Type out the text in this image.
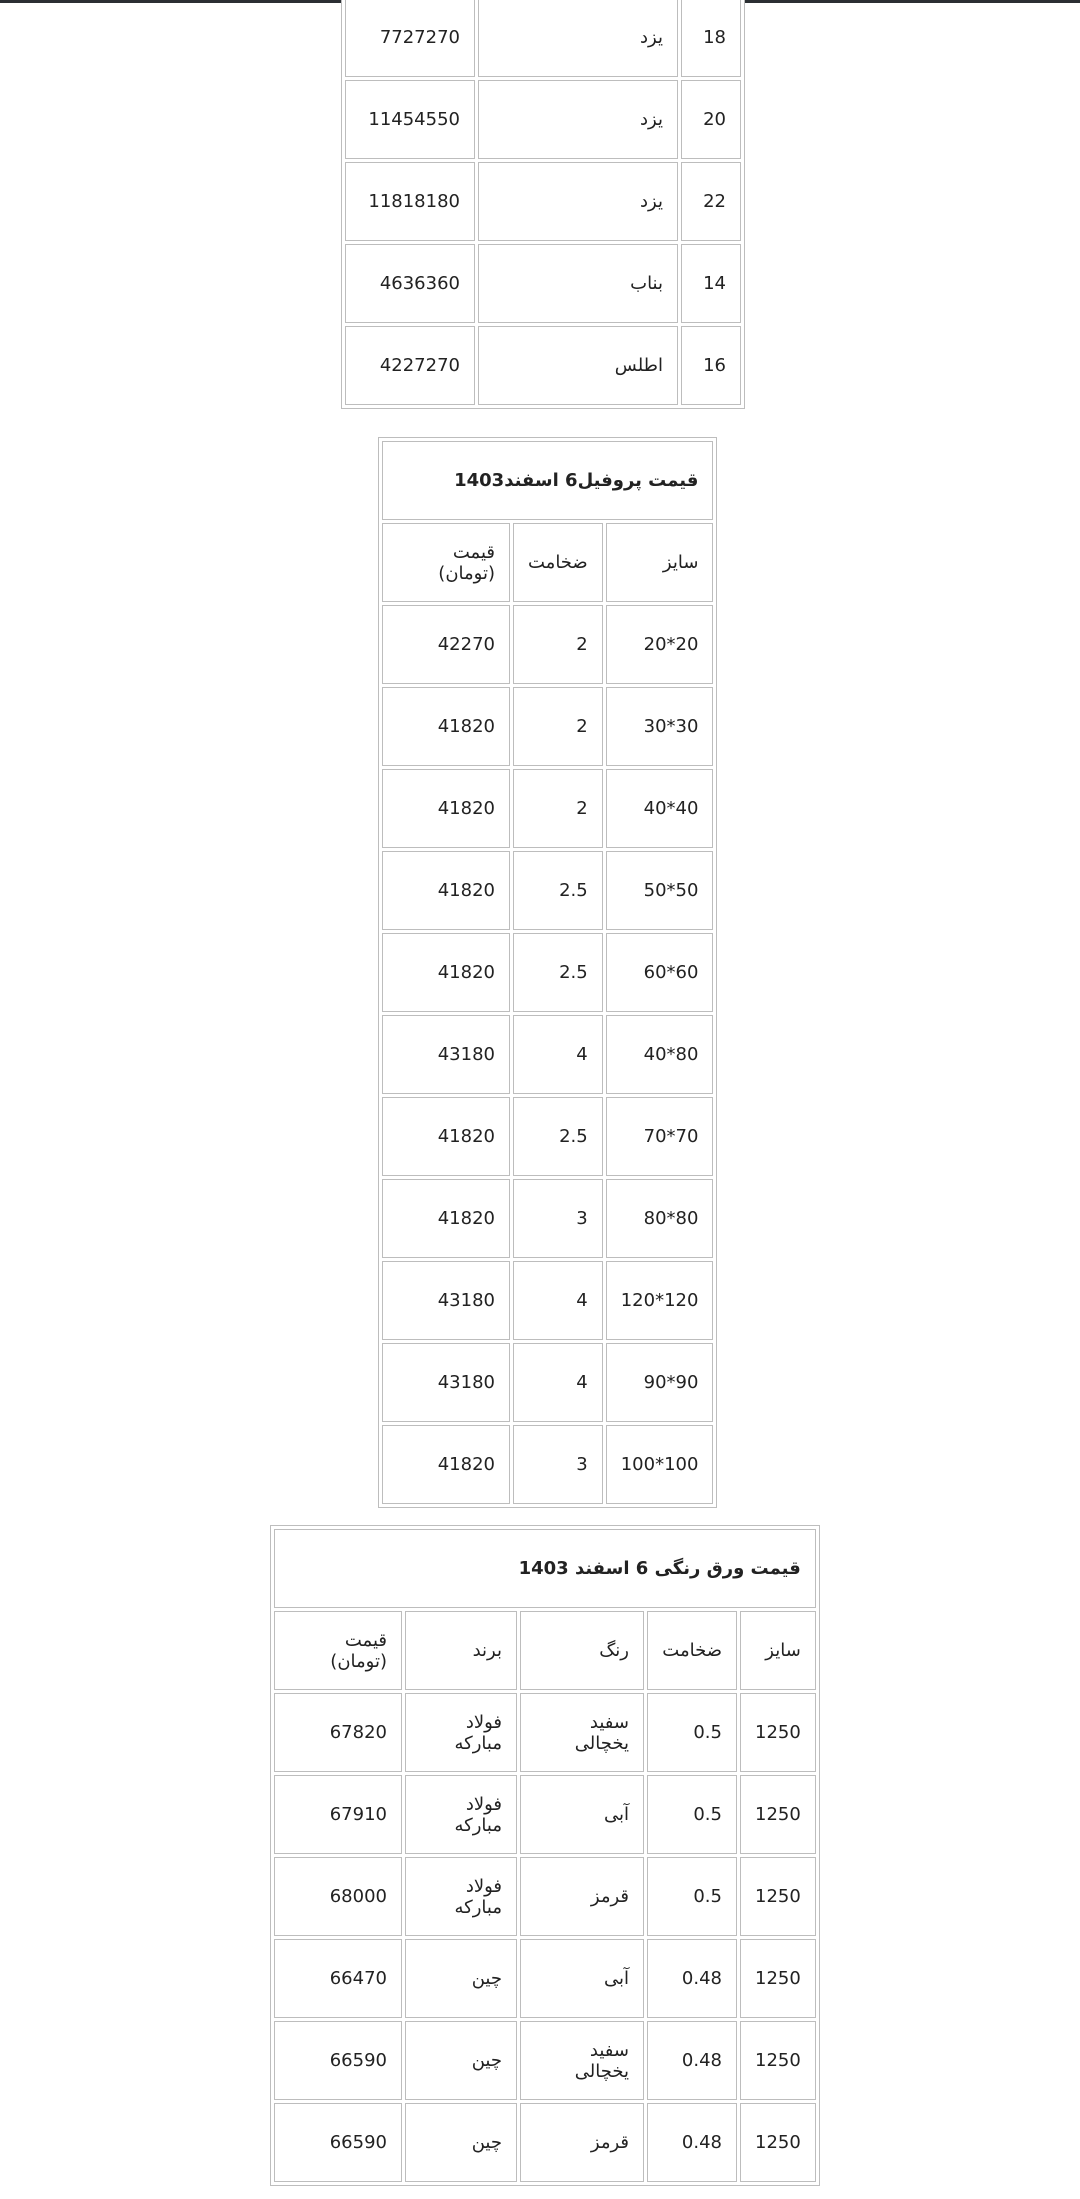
18	یزد	7727270
20	یزد	11454550
22	یزد	11818180
14	بناب	4636360
16	اطلس	4227270
قیمت پروفیل6 اسفند1403		
سایز	ضخامت	قیمت (تومان)
20*20	2	42270
30*30	2	41820
40*40	2	41820
50*50	2.5	41820
60*60	2.5	41820
40*80	4	43180
70*70	2.5	41820
80*80	3	41820
120*120	4	43180
90*90	4	43180
100*100	3	41820
قیمت ورق رنگی 6 اسفند 1403				
سایز	ضخامت	رنگ	برند	قیمت (تومان)
1250	0.5	سفید یخچالی	فولاد مبارکه	67820
1250	0.5	آبی	فولاد مبارکه	67910
1250	0.5	قرمز	فولاد مبارکه	68000
1250	0.48	آبی	چین	66470
1250	0.48	سفید یخچالی	چین	66590
1250	0.48	قرمز	چین	66590
